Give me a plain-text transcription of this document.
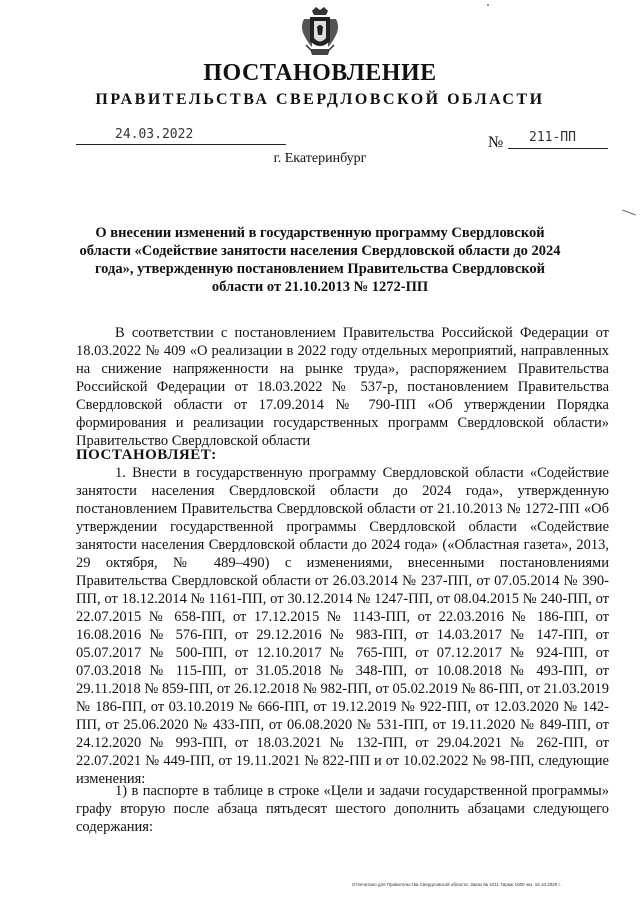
ПОСТАНОВЛЕНИЕ
ПРАВИТЕЛЬСТВА СВЕРДЛОВСКОЙ ОБЛАСТИ
24.03.2022	№ 211-ПП
г. Екатеринбург
О внесении изменений в государственную программу Свердловской области «Содействие занятости населения Свердловской области до 2024 года», утвержденную постановлением Правительства Свердловской области от 21.10.2013 № 1272-ПП
В соответствии с постановлением Правительства Российской Федерации от 18.03.2022 № 409 «О реализации в 2022 году отдельных мероприятий, направленных на снижение напряженности на рынке труда», распоряжением Правительства Российской Федерации от 18.03.2022 № 537-р, постановлением Правительства Свердловской области от 17.09.2014 № 790-ПП «Об утверждении Порядка формирования и реализации государственных программ Свердловской области» Правительство Свердловской области
ПОСТАНОВЛЯЕТ:
1. Внести в государственную программу Свердловской области «Содействие занятости населения Свердловской области до 2024 года», утвержденную постановлением Правительства Свердловской области от 21.10.2013 № 1272-ПП «Об утверждении государственной программы Свердловской области «Содействие занятости населения Свердловской области до 2024 года» («Областная газета», 2013, 29 октября, № 489–490) с изменениями, внесенными постановлениями Правительства Свердловской области от 26.03.2014 № 237-ПП, от 07.05.2014 № 390-ПП, от 18.12.2014 № 1161-ПП, от 30.12.2014 № 1247-ПП, от 08.04.2015 № 240-ПП, от 22.07.2015 № 658-ПП, от 17.12.2015 № 1143-ПП, от 22.03.2016 № 186-ПП, от 16.08.2016 № 576-ПП, от 29.12.2016 № 983-ПП, от 14.03.2017 № 147-ПП, от 05.07.2017 № 500-ПП, от 12.10.2017 № 765-ПП, от 07.12.2017 № 924-ПП, от 07.03.2018 № 115-ПП, от 31.05.2018 № 348-ПП, от 10.08.2018 № 493-ПП, от 29.11.2018 № 859-ПП, от 26.12.2018 № 982-ПП, от 05.02.2019 № 86-ПП, от 21.03.2019 № 186-ПП, от 03.10.2019 № 666-ПП, от 19.12.2019 № 922-ПП, от 12.03.2020 № 142-ПП, от 25.06.2020 № 433-ПП, от 06.08.2020 № 531-ПП, от 19.11.2020 № 849-ПП, от 24.12.2020 № 993-ПП, от 18.03.2021 № 132-ПП, от 29.04.2021 № 262-ПП, от 22.07.2021 № 449-ПП, от 19.11.2021 № 822-ПП и от 10.02.2022 № 98-ПП, следующие изменения:
1) в паспорте в таблице в строке «Цели и задачи государственной программы» графу вторую после абзаца пятьдесят шестого дополнить абзацами следующего содержания:
Отпечатано для Правительства Свердловской области. Заказ № 4211 Тираж 1000 экз. 16.10.2020 г.
